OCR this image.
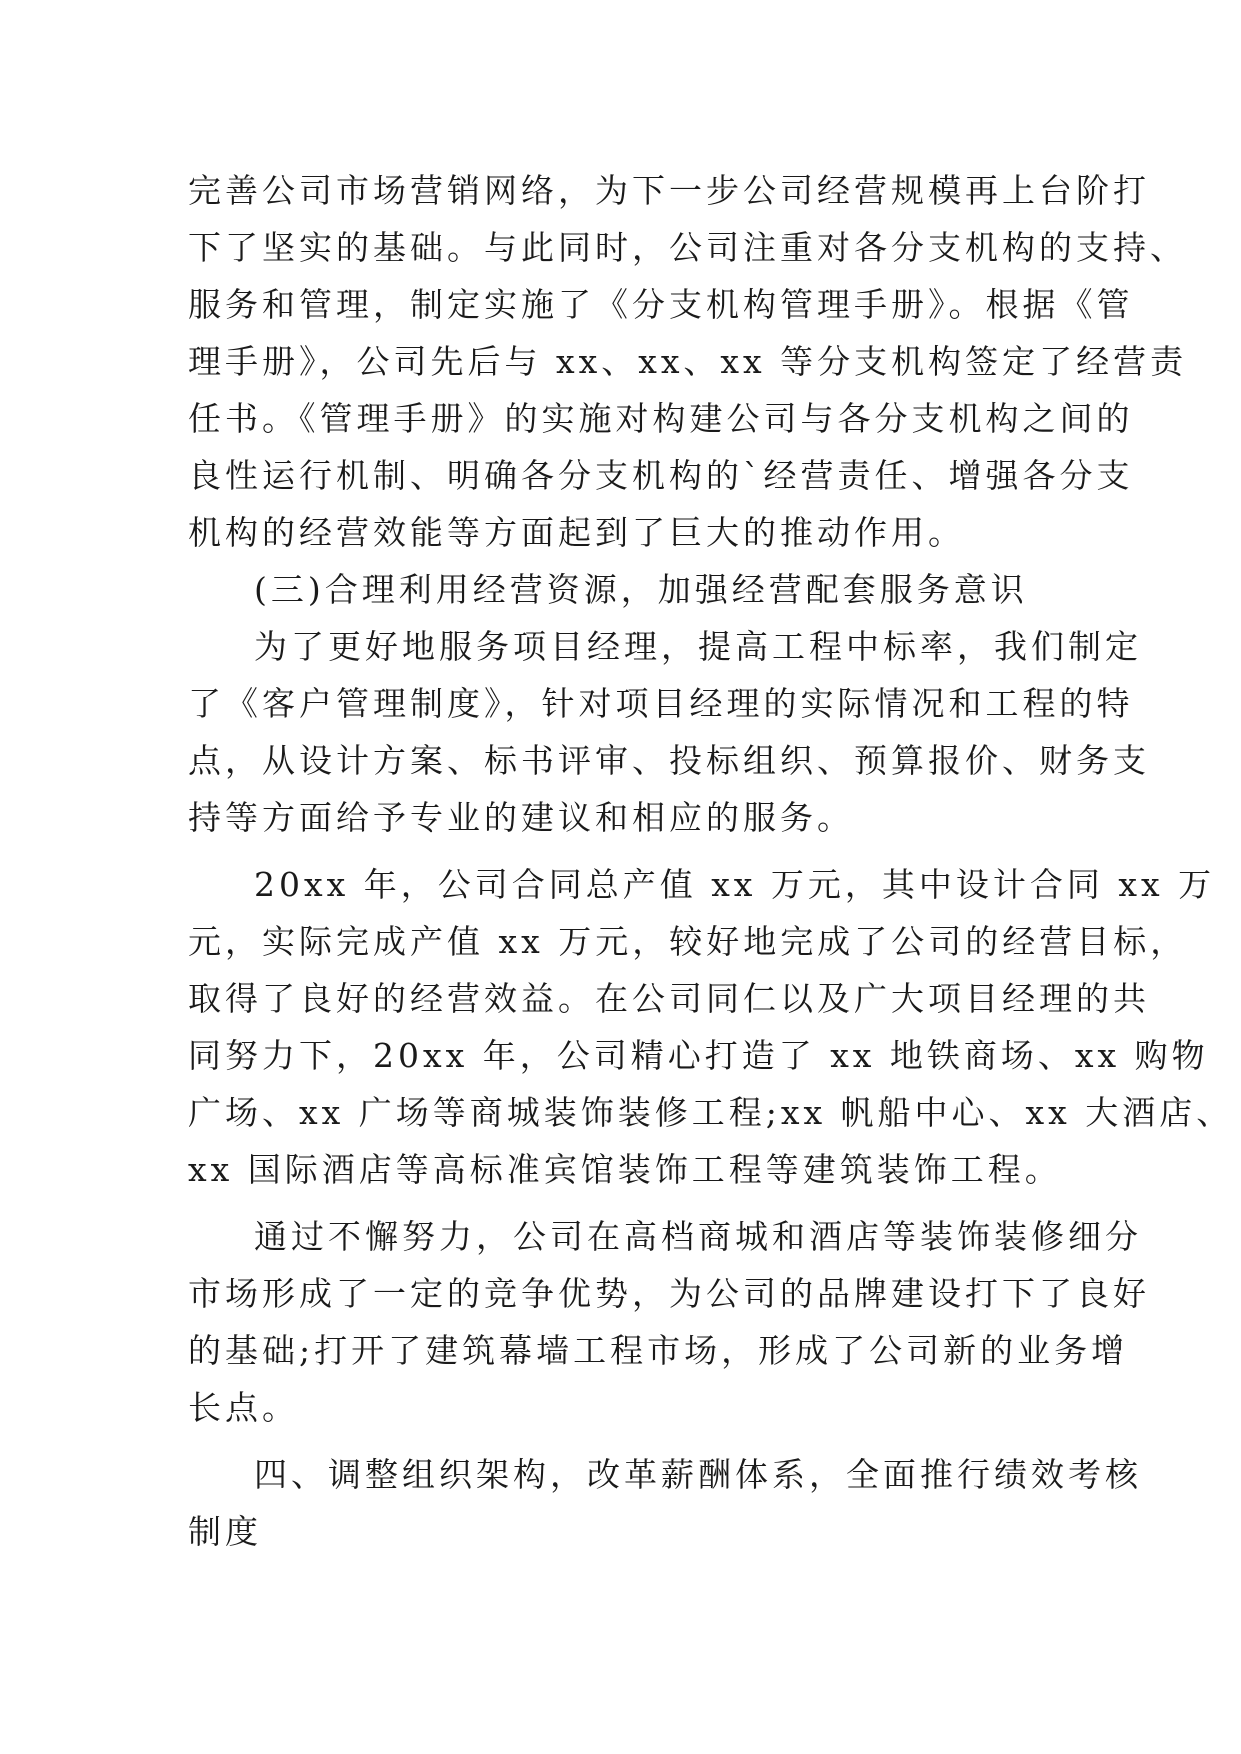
完善公司市场营销网络，为下一步公司经营规模再上台阶打
下了坚实的基础。与此同时，公司注重对各分支机构的支持、
服务和管理，制定实施了《分支机构管理手册》。根据《管
理手册》，公司先后与 xx、xx、xx 等分支机构签定了经营责
任书。《管理手册》的实施对构建公司与各分支机构之间的
良性运行机制、明确各分支机构的`经营责任、增强各分支
机构的经营效能等方面起到了巨大的推动作用。
(三)合理利用经营资源，加强经营配套服务意识
为了更好地服务项目经理，提高工程中标率，我们制定
了《客户管理制度》，针对项目经理的实际情况和工程的特
点，从设计方案、标书评审、投标组织、预算报价、财务支
持等方面给予专业的建议和相应的服务。
20xx 年，公司合同总产值 xx 万元，其中设计合同 xx 万
元，实际完成产值 xx 万元，较好地完成了公司的经营目标，
取得了良好的经营效益。在公司同仁以及广大项目经理的共
同努力下，20xx 年，公司精心打造了 xx 地铁商场、xx 购物
广场、xx 广场等商城装饰装修工程;xx 帆船中心、xx 大酒店、
xx 国际酒店等高标准宾馆装饰工程等建筑装饰工程。
通过不懈努力，公司在高档商城和酒店等装饰装修细分
市场形成了一定的竞争优势，为公司的品牌建设打下了良好
的基础;打开了建筑幕墙工程市场，形成了公司新的业务增
长点。
四、调整组织架构，改革薪酬体系，全面推行绩效考核
制度
